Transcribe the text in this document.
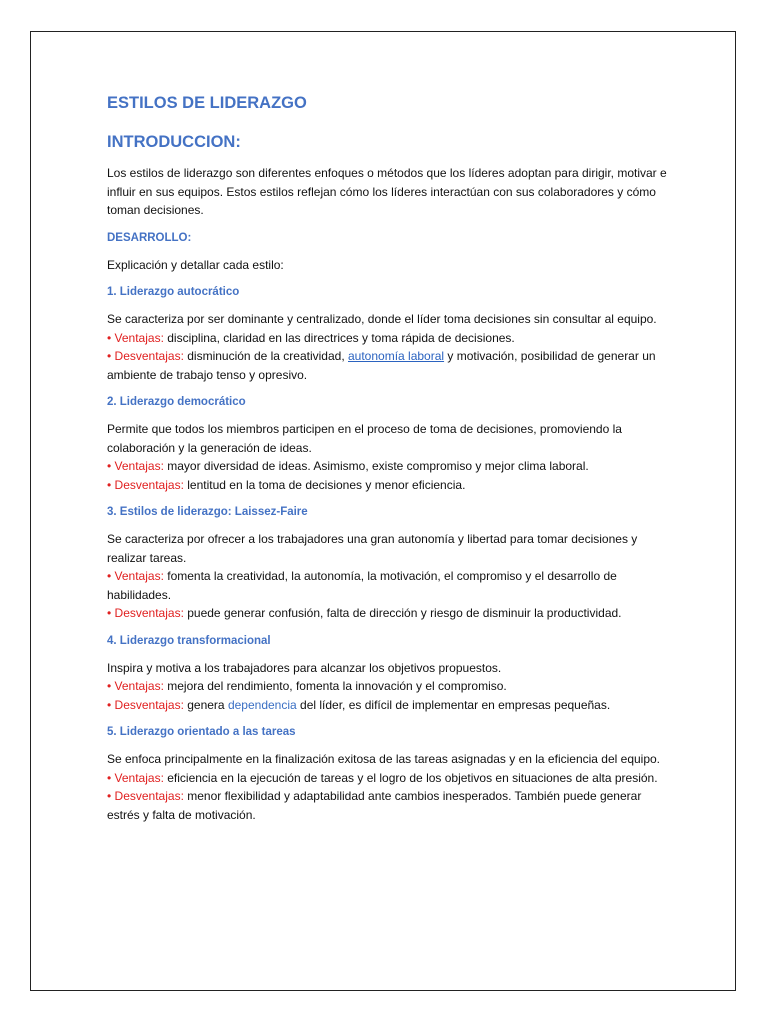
ESTILOS DE LIDERAZGO
INTRODUCCION:

Los estilos de liderazgo son diferentes enfoques o métodos que los líderes adoptan para dirigir, motivar e influir en sus equipos. Estos estilos reflejan cómo los líderes interactúan con sus colaboradores y cómo toman decisiones.

DESARROLLO:

Explicación y detallar cada estilo:

1. Liderazgo autocrático

Se caracteriza por ser dominante y centralizado, donde el líder toma decisiones sin consultar al equipo.

• Ventajas: disciplina, claridad en las directrices y toma rápida de decisiones.

• Desventajas: disminución de la creatividad, autonomía laboral y motivación, posibilidad de generar un ambiente de trabajo tenso y opresivo.

2. Liderazgo democrático

Permite que todos los miembros participen en el proceso de toma de decisiones, promoviendo la colaboración y la generación de ideas.

• Ventajas: mayor diversidad de ideas. Asimismo, existe compromiso y mejor clima laboral.

• Desventajas: lentitud en la toma de decisiones y menor eficiencia.

3. Estilos de liderazgo: Laissez-Faire

Se caracteriza por ofrecer a los trabajadores una gran autonomía y libertad para tomar decisiones y realizar tareas.

• Ventajas: fomenta la creatividad, la autonomía, la motivación, el compromiso y el desarrollo de habilidades.

• Desventajas: puede generar confusión, falta de dirección y riesgo de disminuir la productividad.

4. Liderazgo transformacional

Inspira y motiva a los trabajadores para alcanzar los objetivos propuestos.

• Ventajas: mejora del rendimiento, fomenta la innovación y el compromiso.

• Desventajas: genera dependencia del líder, es difícil de implementar en empresas pequeñas.

5. Liderazgo orientado a las tareas

Se enfoca principalmente en la finalización exitosa de las tareas asignadas y en la eficiencia del equipo.

• Ventajas: eficiencia en la ejecución de tareas y el logro de los objetivos en situaciones de alta presión.

• Desventajas: menor flexibilidad y adaptabilidad ante cambios inesperados. También puede generar estrés y falta de motivación.
